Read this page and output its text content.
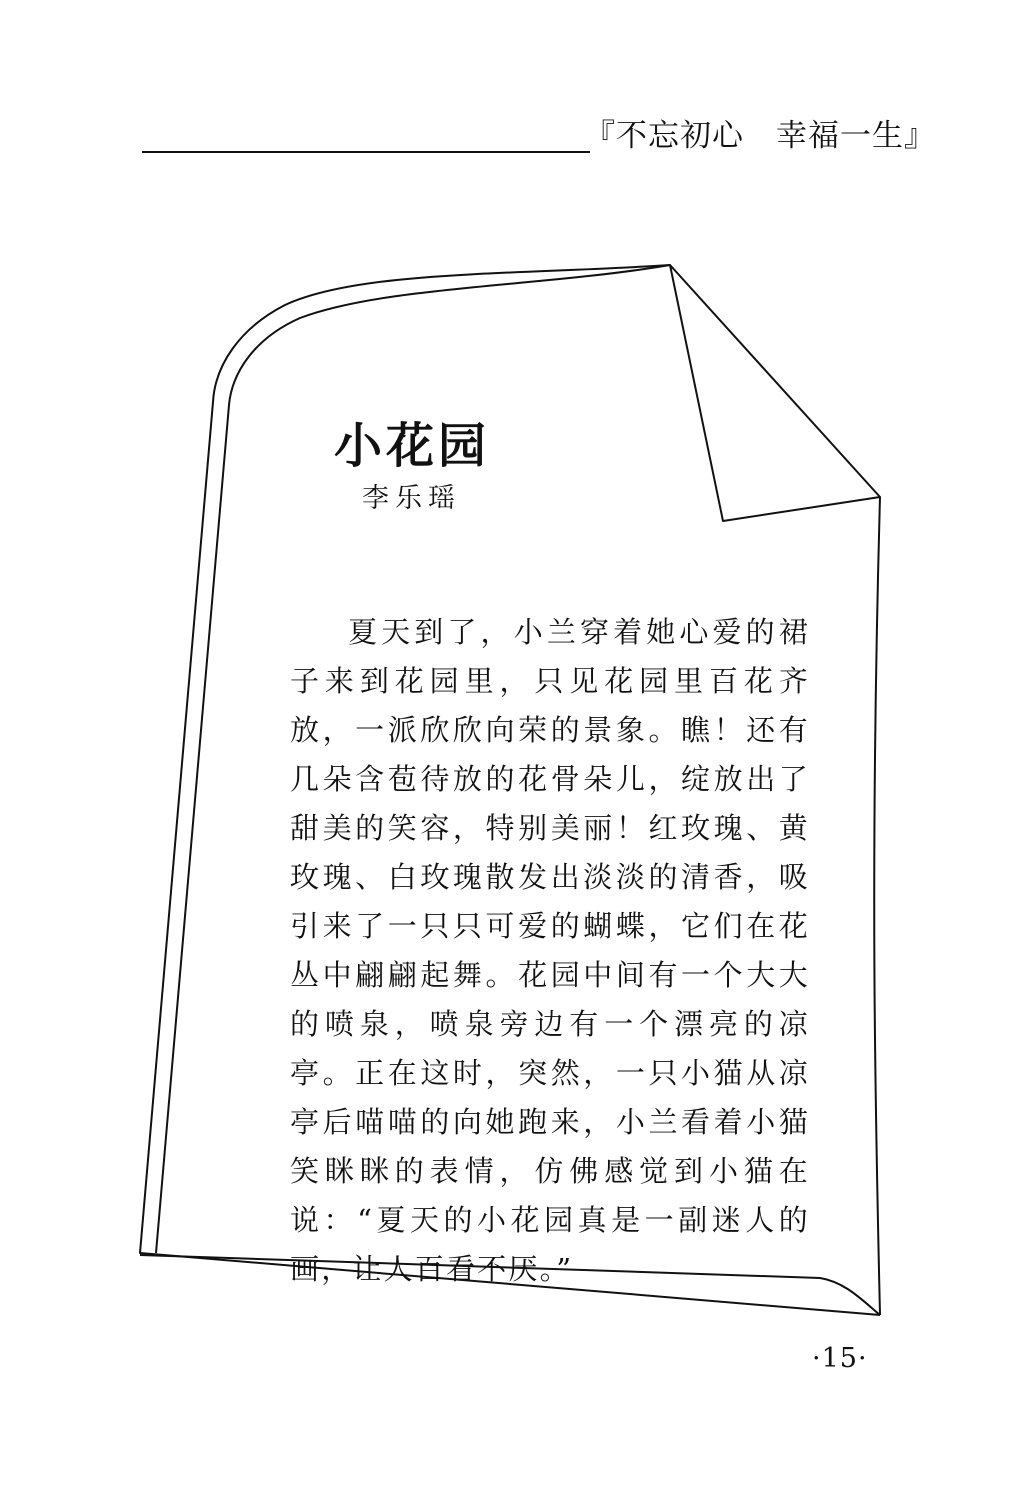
『不忘初心　幸福一生』
小花园
李乐瑶

夏天到了，小兰穿着她心爱的裙子来到花园里，只见花园里百花齐放，一派欣欣向荣的景象。瞧！还有几朵含苞待放的花骨朵儿，绽放出了甜美的笑容，特别美丽！红玫瑰、黄玫瑰、白玫瑰散发出淡淡的清香，吸引来了一只只可爱的蝴蝶，它们在花丛中翩翩起舞。花园中间有一个大大的喷泉，喷泉旁边有一个漂亮的凉亭。正在这时，突然，一只小猫从凉亭后喵喵的向她跑来，小兰看着小猫笑眯眯的表情，仿佛感觉到小猫在说：“夏天的小花园真是一副迷人的画，让人百看不厌。”

·15·
